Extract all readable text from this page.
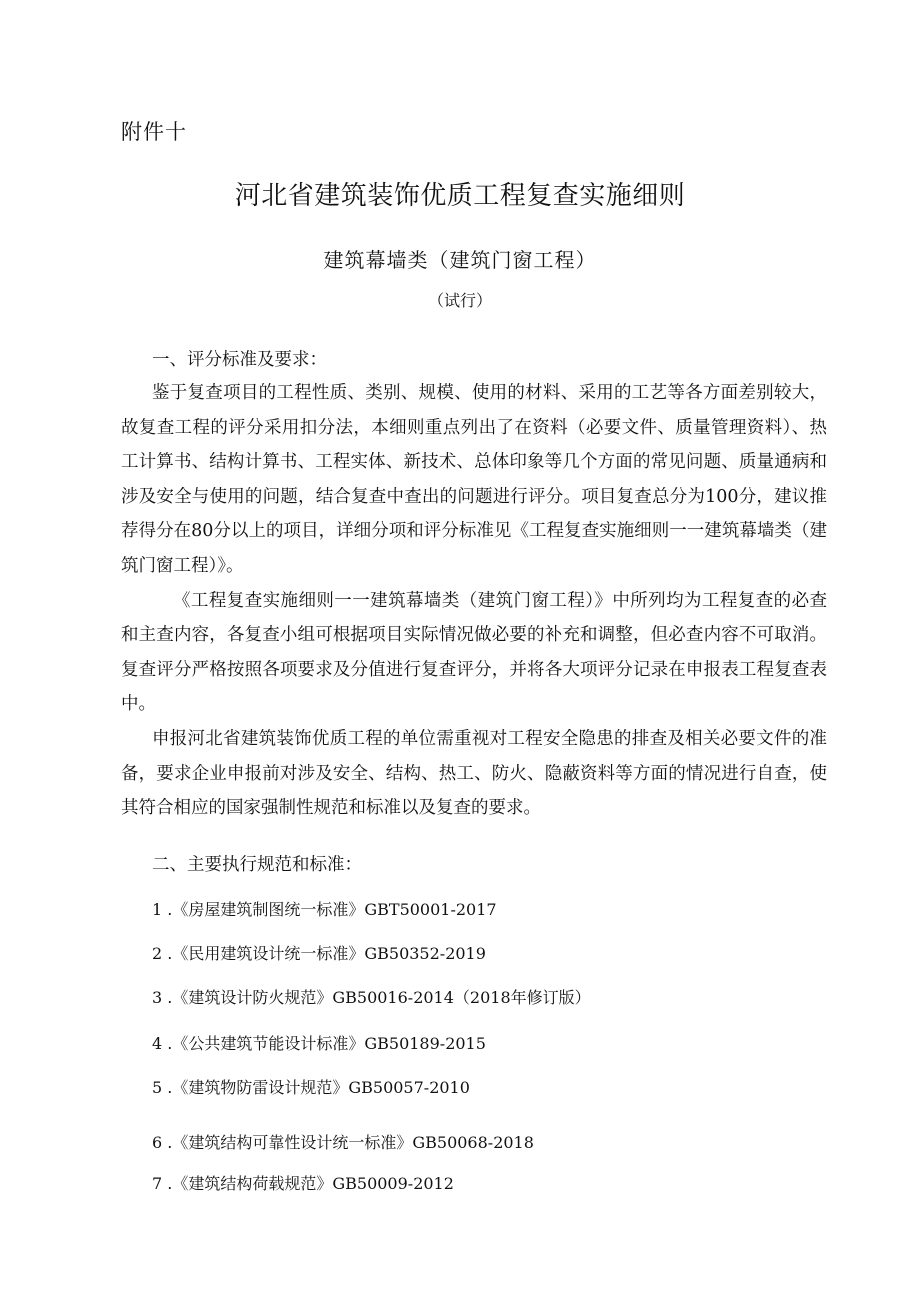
附件十
河北省建筑装饰优质工程复查实施细则
建筑幕墙类（建筑门窗工程）
（试行）
一、评分标准及要求：
鉴于复查项目的工程性质、类别、规模、使用的材料、采用的工艺等各方面差别较大，故复查工程的评分采用扣分法，本细则重点列出了在资料（必要文件、质量管理资料）、热工计算书、结构计算书、工程实体、新技术、总体印象等几个方面的常见问题、质量通病和涉及安全与使用的问题，结合复查中查出的问题进行评分。项目复查总分为100分，建议推荐得分在80分以上的项目，详细分项和评分标准见《工程复查实施细则一一建筑幕墙类（建筑门窗工程）》。
《工程复查实施细则一一建筑幕墙类（建筑门窗工程）》中所列均为工程复查的必查和主查内容，各复查小组可根据项目实际情况做必要的补充和调整，但必查内容不可取消。复查评分严格按照各项要求及分值进行复查评分，并将各大项评分记录在申报表工程复查表中。
申报河北省建筑装饰优质工程的单位需重视对工程安全隐患的排查及相关必要文件的准备，要求企业申报前对涉及安全、结构、热工、防火、隐蔽资料等方面的情况进行自查，使其符合相应的国家强制性规范和标准以及复查的要求。
二、主要执行规范和标准：
1 .《房屋建筑制图统一标准》GBT50001-2017
2 .《民用建筑设计统一标准》GB50352-2019
3 .《建筑设计防火规范》GB50016-2014（2018年修订版）
4 .《公共建筑节能设计标准》GB50189-2015
5 .《建筑物防雷设计规范》GB50057-2010
6 .《建筑结构可靠性设计统一标准》GB50068-2018
7 .《建筑结构荷载规范》GB50009-2012
